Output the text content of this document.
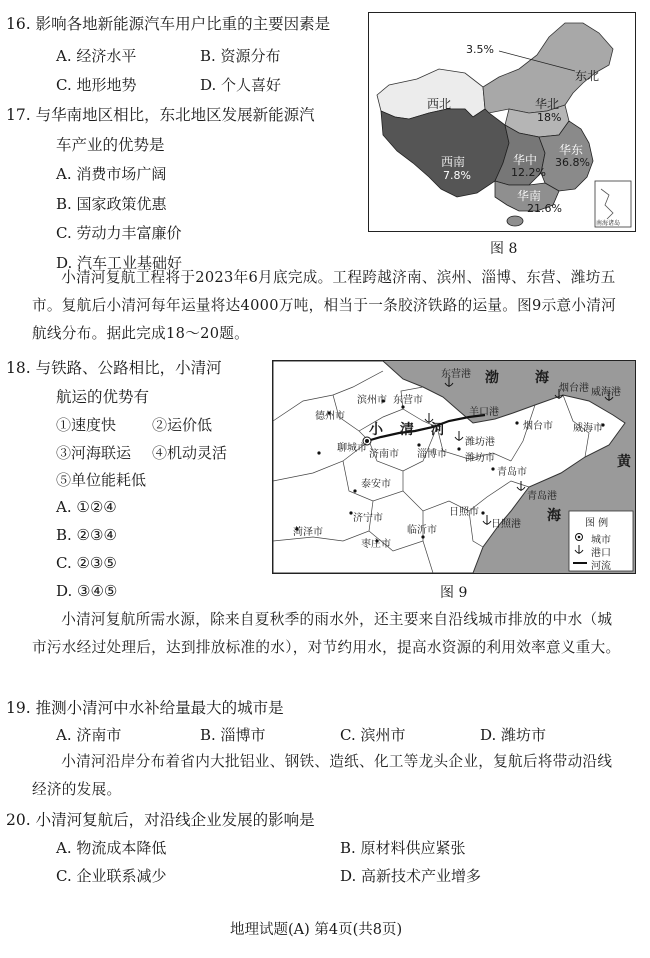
16. 影响各地新能源汽车用户比重的主要因素是
A. 经济水平	B. 资源分布
C. 地形地势	D. 个人喜好
17. 与华南地区相比，东北地区发展新能源汽
车产业的优势是
A. 消费市场广阔
B. 国家政策优惠
C. 劳动力丰富廉价
D. 汽车工业基础好
3.5%
东北
西北	华北
18%
西南
7.8%
华中
12.2%
华东
36.8%
华南
21.6%
南海诸岛
图 8
小清河复航工程将于2023年6月底完成。工程跨越济南、滨州、淄博、东营、潍坊五市。复航后小清河每年运量将达4000万吨，相当于一条胶济铁路的运量。图9示意小清河航线分布。据此完成18～20题。
18. 与铁路、公路相比，小清河
航运的优势有
①速度快 ②运价低
③河海联运 ④机动灵活
⑤单位能耗低
A. ①②④
B. ②③④
C. ②③⑤
D. ③④⑤
东营港 渤	海
烟台港 威海港
滨州市 东营市
羊口港
德州市
烟台市 威海市
小 清 河
潍坊港
聊城市
济南市 淄博市 潍坊市	黄
青岛市
泰安市
青岛港
日照市	海
济宁市
日照港
临沂市
菏泽市
枣庄市
图 例
城市
港口
河流
图 9
小清河复航所需水源，除来自夏秋季的雨水外，还主要来自沿线城市排放的中水（城市污水经过处理后，达到排放标准的水），对节约用水，提高水资源的利用效率意义重大。
19. 推测小清河中水补给量最大的城市是
A. 济南市	B. 淄博市	C. 滨州市	D. 潍坊市
小清河沿岸分布着省内大批铝业、钢铁、造纸、化工等龙头企业，复航后将带动沿线经济的发展。
20. 小清河复航后，对沿线企业发展的影响是
A. 物流成本降低	B. 原材料供应紧张
C. 企业联系减少	D. 高新技术产业增多
地理试题(A) 第4页(共8页)
